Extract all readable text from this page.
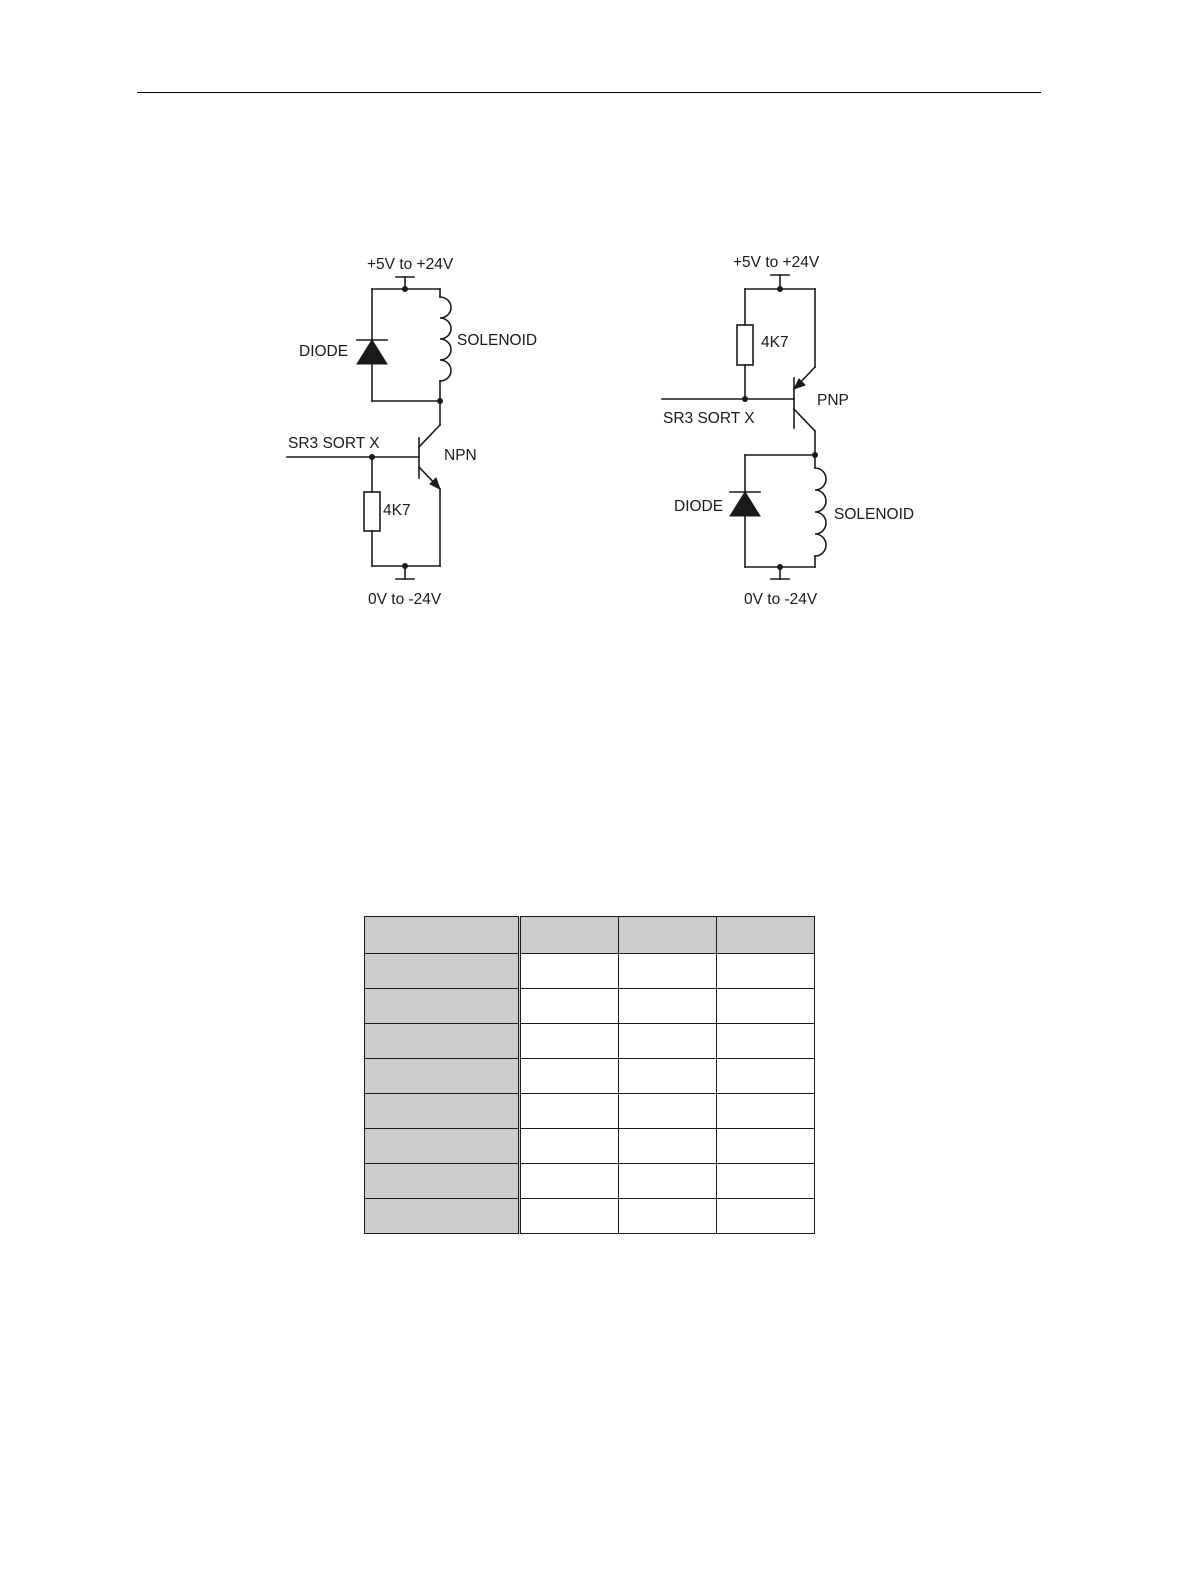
+5V to +24V
DIODE
SOLENOID
NPN
SR3 SORT X
4K7
0V to -24V
+5V to +24V
4K7
SR3 SORT X
PNP
DIODE	SOLENOID
0V to -24V
